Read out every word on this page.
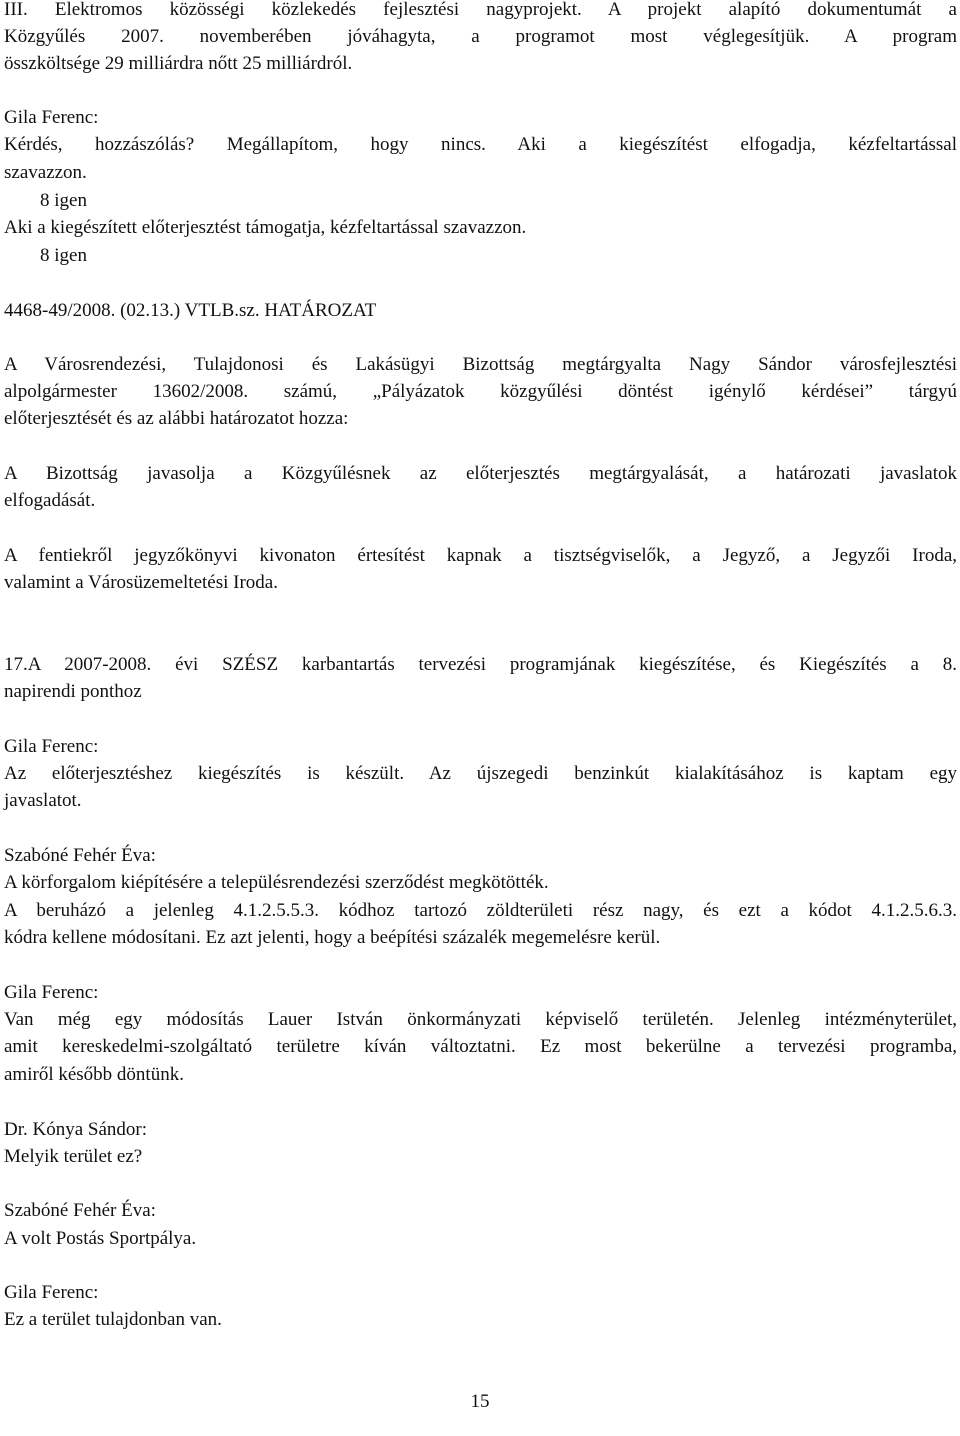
III. Elektromos közösségi közlekedés fejlesztési nagyprojekt. A projekt alapító dokumentumát a
Közgyűlés 2007. novemberében jóváhagyta, a programot most véglegesítjük. A program
összköltsége 29 milliárdra nőtt 25 milliárdról.
Gila Ferenc:
Kérdés, hozzászólás? Megállapítom, hogy nincs. Aki a kiegészítést elfogadja, kézfeltartással
szavazzon.
8 igen
Aki a kiegészített előterjesztést támogatja, kézfeltartással szavazzon.
8 igen
4468-49/2008. (02.13.) VTLB.sz. HATÁROZAT
A Városrendezési, Tulajdonosi és Lakásügyi Bizottság megtárgyalta Nagy Sándor városfejlesztési
alpolgármester 13602/2008. számú, „Pályázatok közgyűlési döntést igénylő kérdései” tárgyú
előterjesztését és az alábbi határozatot hozza:
A Bizottság javasolja a Közgyűlésnek az előterjesztés megtárgyalását, a határozati javaslatok
elfogadását.
A fentiekről jegyzőkönyvi kivonaton értesítést kapnak a tisztségviselők, a Jegyző, a Jegyzői Iroda,
valamint a Városüzemeltetési Iroda.
17.A 2007-2008. évi SZÉSZ karbantartás tervezési programjának kiegészítése, és Kiegészítés a 8.
napirendi ponthoz
Gila Ferenc:
Az előterjesztéshez kiegészítés is készült. Az újszegedi benzinkút kialakításához is kaptam egy
javaslatot.
Szabóné Fehér Éva:
A körforgalom kiépítésére a településrendezési szerződést megkötötték.
A beruházó a jelenleg 4.1.2.5.5.3. kódhoz tartozó zöldterületi rész nagy, és ezt a kódot 4.1.2.5.6.3.
kódra kellene módosítani. Ez azt jelenti, hogy a beépítési százalék megemelésre kerül.
Gila Ferenc:
Van még egy módosítás Lauer István önkormányzati képviselő területén. Jelenleg intézményterület,
amit kereskedelmi-szolgáltató területre kíván változtatni. Ez most bekerülne a tervezési programba,
amiről később döntünk.
Dr. Kónya Sándor:
Melyik terület ez?
Szabóné Fehér Éva:
A volt Postás Sportpálya.
Gila Ferenc:
Ez a terület tulajdonban van.
15
